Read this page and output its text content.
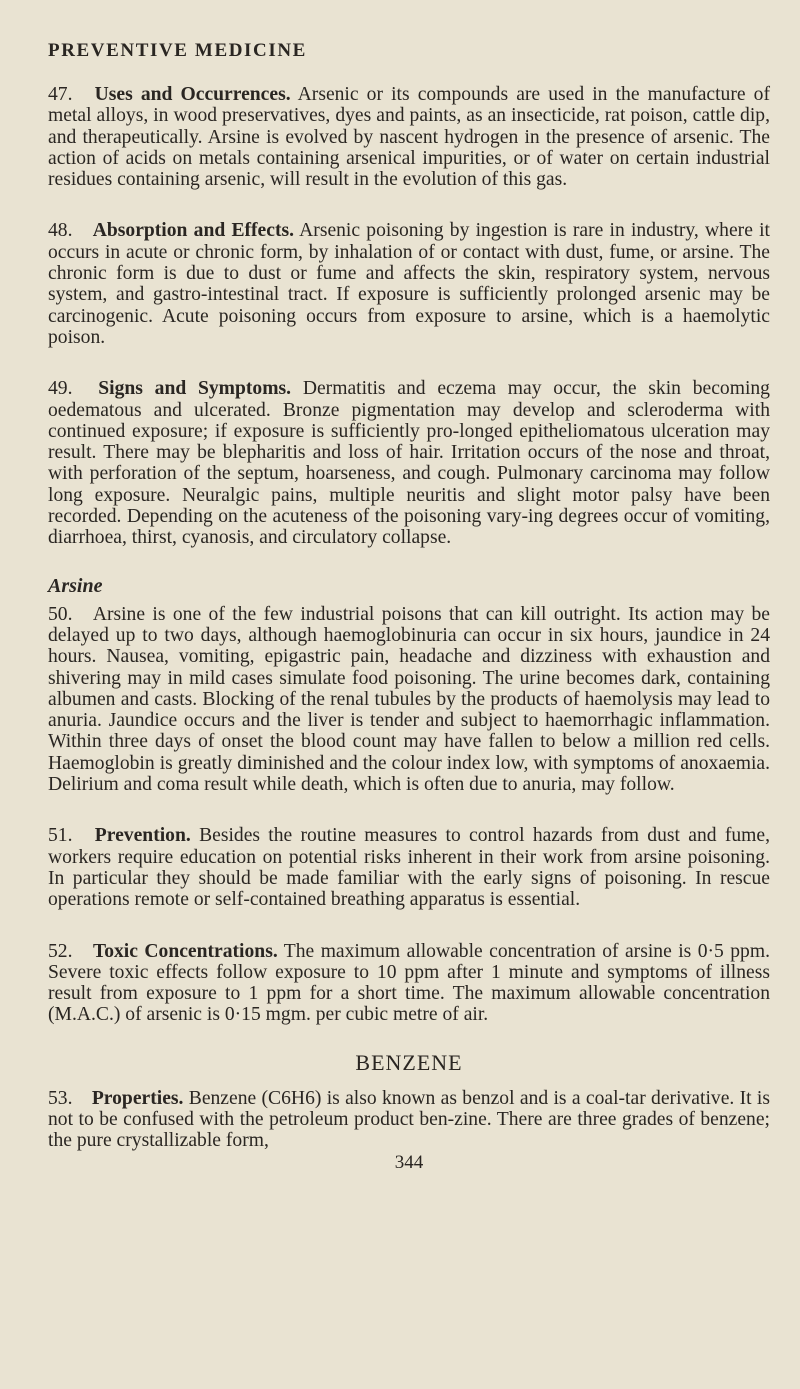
PREVENTIVE MEDICINE

47. Uses and Occurrences. Arsenic or its compounds are used in the manufacture of metal alloys, in wood preservatives, dyes and paints, as an insecticide, rat poison, cattle dip, and therapeutically. Arsine is evolved by nascent hydrogen in the presence of arsenic. The action of acids on metals containing arsenical impurities, or of water on certain industrial residues containing arsenic, will result in the evolution of this gas.

48. Absorption and Effects. Arsenic poisoning by ingestion is rare in industry, where it occurs in acute or chronic form, by inhalation of or contact with dust, fume, or arsine. The chronic form is due to dust or fume and affects the skin, respiratory system, nervous system, and gastro-intestinal tract. If exposure is sufficiently prolonged arsenic may be carcinogenic. Acute poisoning occurs from exposure to arsine, which is a haemolytic poison.

49. Signs and Symptoms. Dermatitis and eczema may occur, the skin becoming oedematous and ulcerated. Bronze pigmentation may develop and scleroderma with continued exposure; if exposure is sufficiently pro-longed epitheliomatous ulceration may result. There may be blepharitis and loss of hair. Irritation occurs of the nose and throat, with perforation of the septum, hoarseness, and cough. Pulmonary carcinoma may follow long exposure. Neuralgic pains, multiple neuritis and slight motor palsy have been recorded. Depending on the acuteness of the poisoning vary-ing degrees occur of vomiting, diarrhoea, thirst, cyanosis, and circulatory collapse.

Arsine

50. Arsine is one of the few industrial poisons that can kill outright. Its action may be delayed up to two days, although haemoglobinuria can occur in six hours, jaundice in 24 hours. Nausea, vomiting, epigastric pain, headache and dizziness with exhaustion and shivering may in mild cases simulate food poisoning. The urine becomes dark, containing albumen and casts. Blocking of the renal tubules by the products of haemolysis may lead to anuria. Jaundice occurs and the liver is tender and subject to haemorrhagic inflammation. Within three days of onset the blood count may have fallen to below a million red cells. Haemoglobin is greatly diminished and the colour index low, with symptoms of anoxaemia. Delirium and coma result while death, which is often due to anuria, may follow.

51. Prevention. Besides the routine measures to control hazards from dust and fume, workers require education on potential risks inherent in their work from arsine poisoning. In particular they should be made familiar with the early signs of poisoning. In rescue operations remote or self-contained breathing apparatus is essential.

52. Toxic Concentrations. The maximum allowable concentration of arsine is 0·5 ppm. Severe toxic effects follow exposure to 10 ppm after 1 minute and symptoms of illness result from exposure to 1 ppm for a short time. The maximum allowable concentration (M.A.C.) of arsenic is 0·15 mgm. per cubic metre of air.

BENZENE

53. Properties. Benzene (C6H6) is also known as benzol and is a coal-tar derivative. It is not to be confused with the petroleum product ben-zine. There are three grades of benzene; the pure crystallizable form,

344
